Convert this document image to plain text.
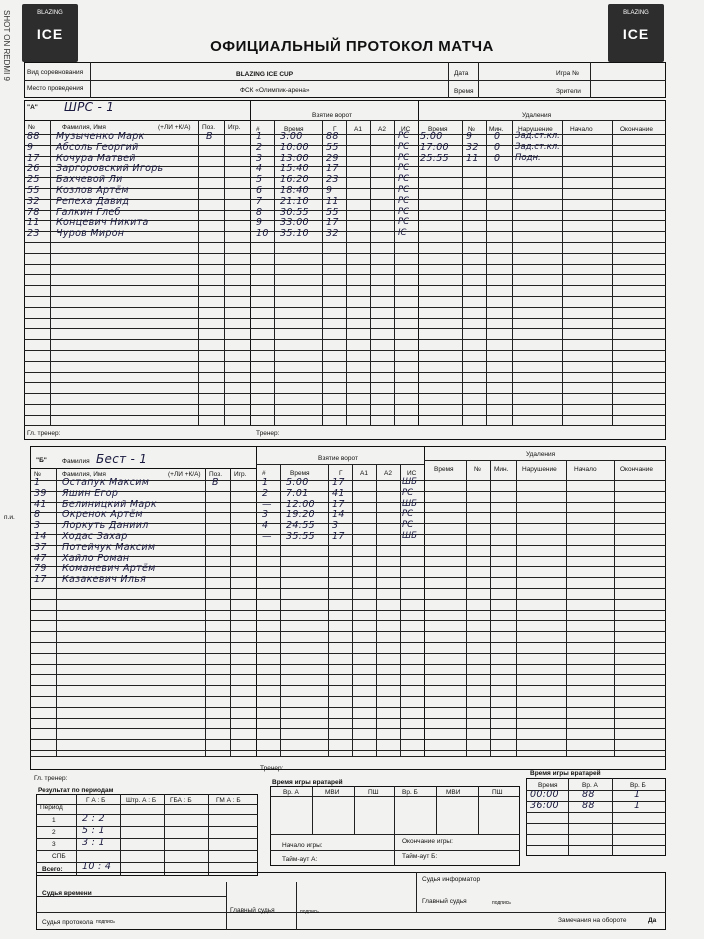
SHOT ON REDMI 9	BLAZING
ICE
BLAZING
ICE
ОФИЦИАЛЬНЫЙ ПРОТОКОЛ МАТЧА
Вид соревнования	BLAZING ICE CUP
Место проведения	ФСК «Олимпик-арена»
Дата
Время
Игра №
Зрители
"А" ШРС - 1
Гл. тренер:	Тренер:
№	Фамилия, Имя	(+ЛИ +К/А) Поз. Игр.
Взятие ворот
#	Время	Г	А1 А2 ИС
Удаления
Время	№ Мин. Нарушение	Начало	Окончание
88 Музыченко Марк	В
9 Абсоль Георгий
17 Кочура Матвей
26 Заргоровский Игорь
25 Бахчевой Ли
55 Козлов Артём
32 Репеха Давид
78 Галкин Глеб
11 Концевич Никита
23 Чуров Мирон
1 3:00 88	PC
2 10:00 55	PC
3 13:00 29	PC
4 15:40 17	PC
5 16:20 23	PC
6 18:40 9	PC
7 21:10 11	PC
8 30:55 55	PC
9 33:00 17	PC
10 35:10 32	IC
5:00 9 0 Зад.ст.кл.
17:00 32 0 Зад.ст.кл.
25:55 11 0 Подн.
"Б" Фамилия Бест - 1
Гл. тренер:
Тренер:
п.и.
№	Фамилия, Имя	(+ЛИ +К/А) Поз. Игр.
Взятие ворот
#	Время	Г	А1 А2 ИС
Удаления
Время	№ Мин. Нарушение	Начало	Окончание
1 Остапук Максим	В
39 Яшин Егор
41 Белиницкий Марк
8 Окренок Артём
3 Лоркуть Даниил
14 Ходас Захар
37 Потейчук Максим
47 Хайло Роман
79 Команевич Артём
17 Казакевич Илья
1 5:00 17	ШБ
2 7:01 41	PC
— 12:00 17	ШБ
3 19:20 14	PC
4 24:55 3	PC
— 35:55 17	ШБ
Результат по периодам
Период
Г А : Б	Штр. А : Б ГБА : Б	ГМ А : Б
1	2 : 2
2	5 : 1
3	3 : 1
СПБ
Всего: 10 : 4
Время игры вратарей
Вр. А	МВИ	ПШ	Вр. Б	МВИ	ПШ
Начало игры:
Тайм-аут А:
Окончание игры:
Тайм-аут Б:
Время игры вратарей
Время	Вр. А	Вр. Б
00:00 88	1
36:00 88	1
Судья времени
Судья протокола подпись
Главный судья	подпись
Судья информатор
Главный судья	подпись
Замечания на обороте	Да
